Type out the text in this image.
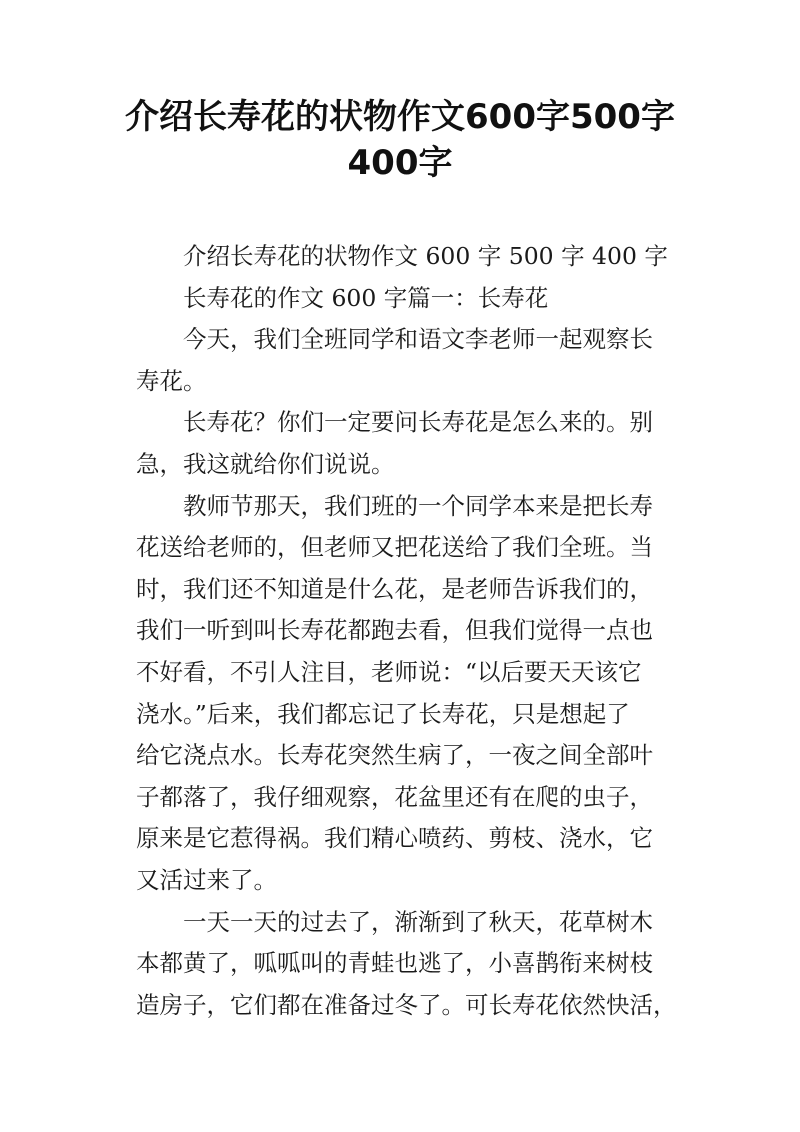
介绍长寿花的状物作文600字500字
400字

介绍长寿花的状物作文 600 字 500 字 400 字

长寿花的作文 600 字篇一：长寿花

今天，我们全班同学和语文李老师一起观察长
寿花。

长寿花？你们一定要问长寿花是怎么来的。别
急，我这就给你们说说。

教师节那天，我们班的一个同学本来是把长寿
花送给老师的，但老师又把花送给了我们全班。当
时，我们还不知道是什么花，是老师告诉我们的，
我们一听到叫长寿花都跑去看，但我们觉得一点也
不好看，不引人注目，老师说：“以后要天天该它
浇水。”后来，我们都忘记了长寿花，只是想起了
给它浇点水。长寿花突然生病了，一夜之间全部叶
子都落了，我仔细观察，花盆里还有在爬的虫子，
原来是它惹得祸。我们精心喷药、剪枝、浇水，它
又活过来了。

一天一天的过去了，渐渐到了秋天，花草树木
本都黄了，呱呱叫的青蛙也逃了，小喜鹊衔来树枝
造房子，它们都在准备过冬了。可长寿花依然快活，
